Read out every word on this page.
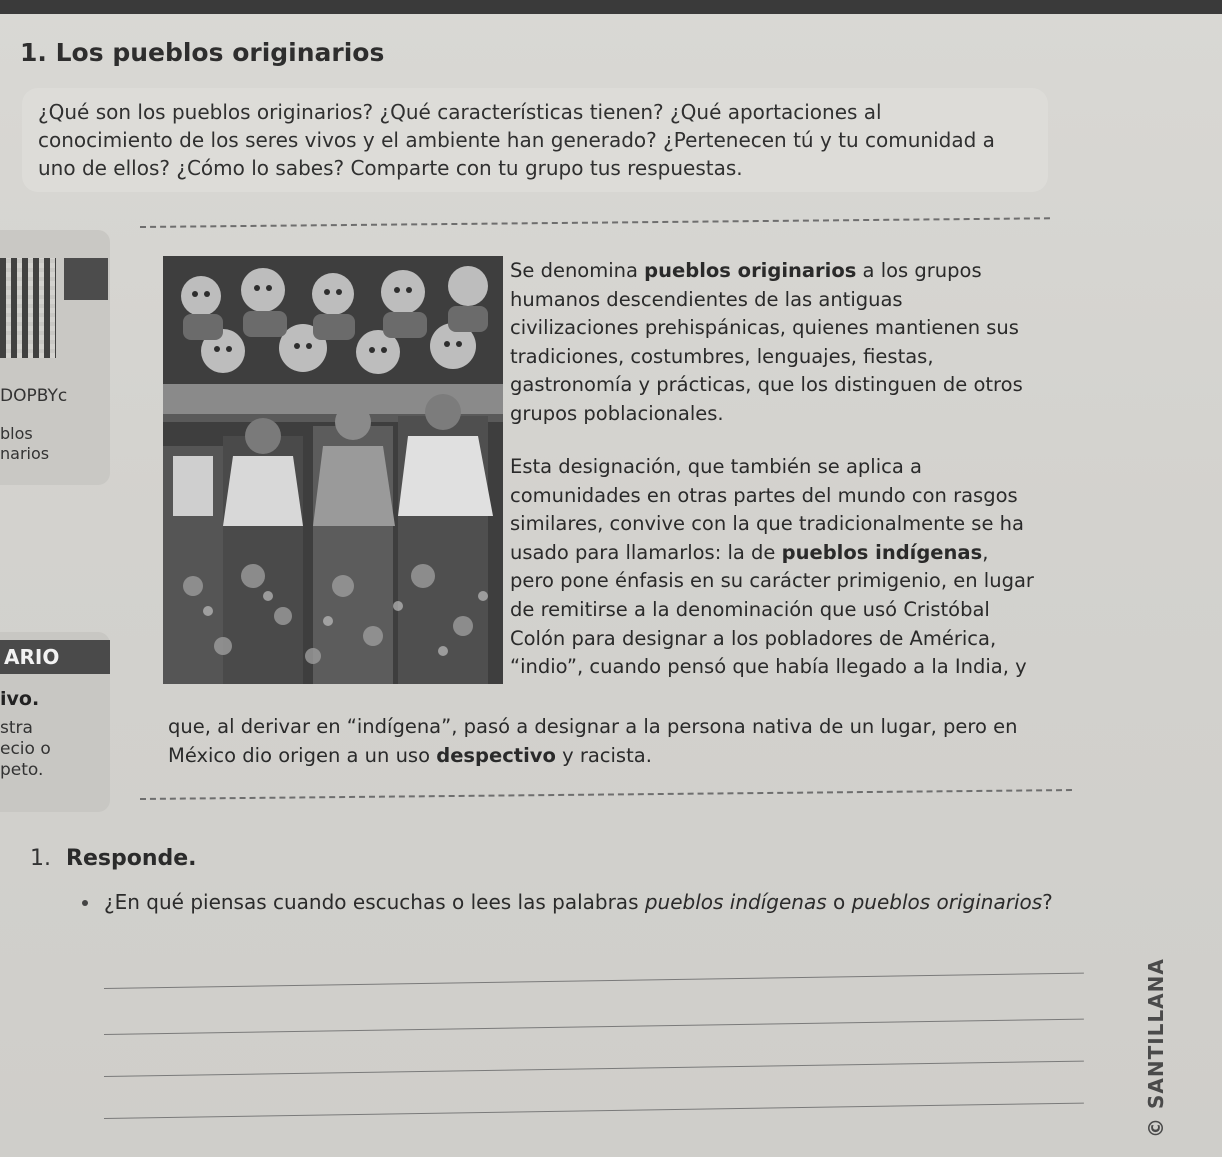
1. Los pueblos originarios

¿Qué son los pueblos originarios? ¿Qué características tienen? ¿Qué aportaciones al conocimiento de los seres vivos y el ambiente han generado? ¿Pertenecen tú y tu comunidad a uno de ellos? ¿Cómo lo sabes? Comparte con tu grupo tus respuestas.

DOPBYc
blos
narios
ARIO
ivo.
stra
ecio o
peto.

Se denomina pueblos originarios a los grupos humanos descendientes de las antiguas civilizaciones prehispánicas, quienes mantienen sus tradiciones, costumbres, lenguajes, fiestas, gastronomía y prácticas, que los distinguen de otros grupos poblacionales.

Esta designación, que también se aplica a comunidades en otras partes del mundo con rasgos similares, convive con la que tradicionalmente se ha usado para llamarlos: la de pueblos indígenas, pero pone énfasis en su carácter primigenio, en lugar de remitirse a la denominación que usó Cristóbal Colón para designar a los pobladores de América, “indio”, cuando pensó que había llegado a la India, y

que, al derivar en “indígena”, pasó a designar a la persona nativa de un lugar, pero en México dio origen a un uso despectivo y racista.

1. Responde.

¿En qué piensas cuando escuchas o lees las palabras pueblos indígenas o pueblos originarios?

© SANTILLANA
